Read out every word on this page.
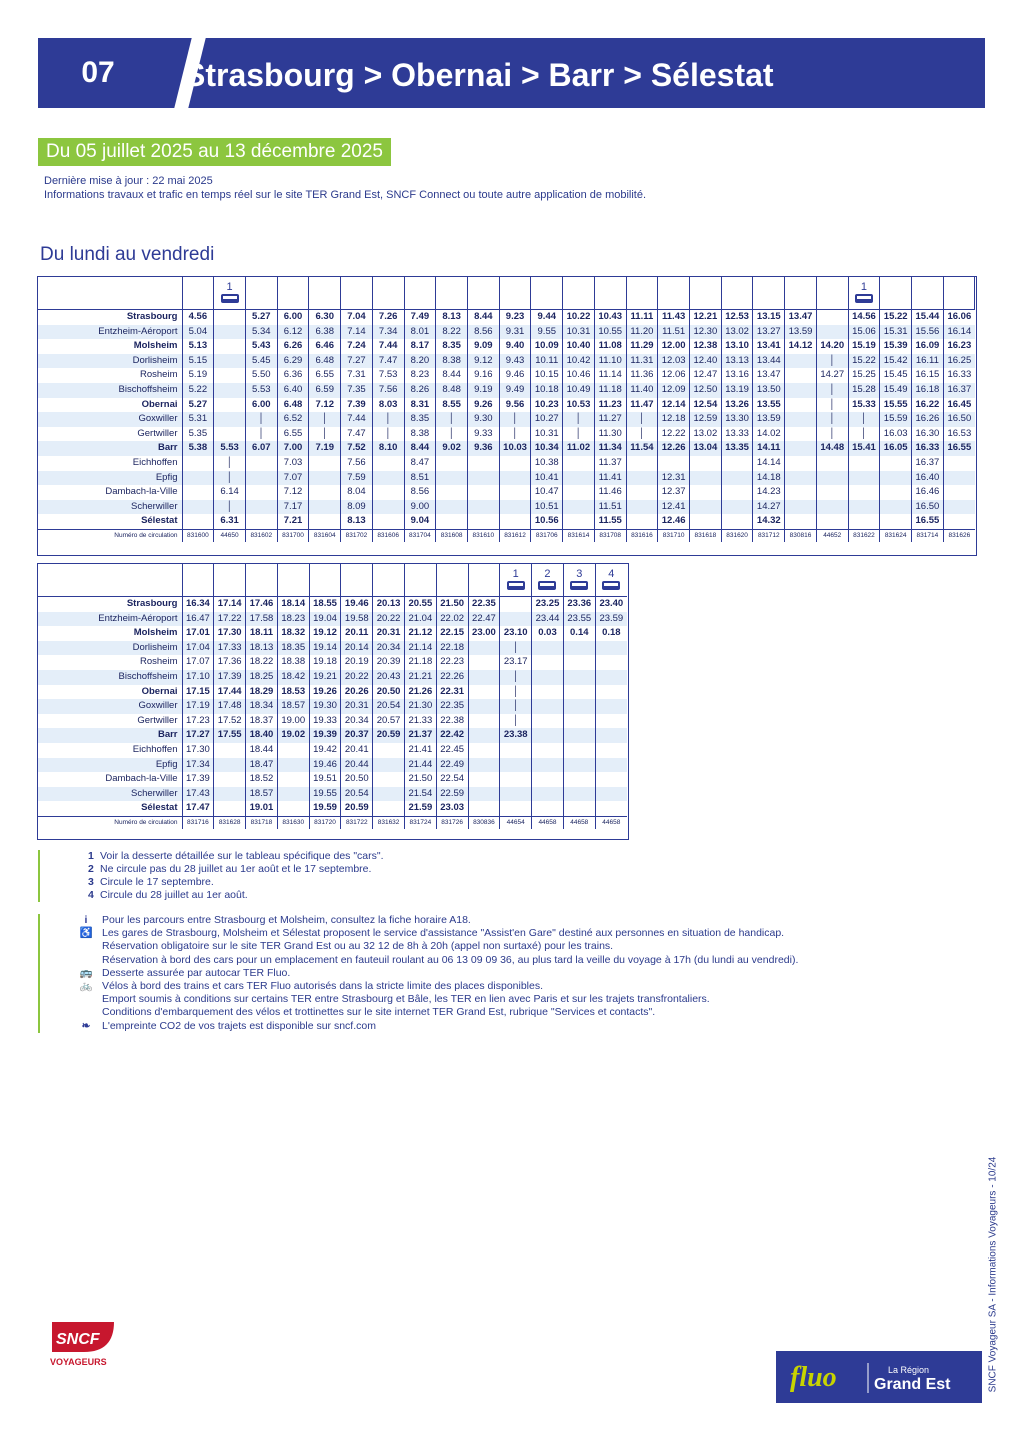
07	Strasbourg > Obernai > Barr > Sélestat
Du 05 juillet 2025 au 13 décembre 2025
Dernière mise à jour : 22 mai 2025
Informations travaux et trafic en temps réel sur le site TER Grand Est, SNCF Connect ou toute autre application de mobilité.
Du lundi au vendredi

		1																				1				

Strasbourg	4.56		5.27	6.00	6.30	7.04	7.26	7.49	8.13	8.44	9.23	9.44	10.22	10.43	11.11	11.43	12.21	12.53	13.15	13.47		14.56	15.22	15.44	16.06	
Entzheim-Aéroport	5.04		5.34	6.12	6.38	7.14	7.34	8.01	8.22	8.56	9.31	9.55	10.31	10.55	11.20	11.51	12.30	13.02	13.27	13.59		15.06	15.31	15.56	16.14	
Molsheim	5.13		5.43	6.26	6.46	7.24	7.44	8.17	8.35	9.09	9.40	10.09	10.40	11.08	11.29	12.00	12.38	13.10	13.41	14.12	14.20	15.19	15.39	16.09	16.23	
Dorlisheim	5.15		5.45	6.29	6.48	7.27	7.47	8.20	8.38	9.12	9.43	10.11	10.42	11.10	11.31	12.03	12.40	13.13	13.44		│	15.22	15.42	16.11	16.25	
Rosheim	5.19		5.50	6.36	6.55	7.31	7.53	8.23	8.44	9.16	9.46	10.15	10.46	11.14	11.36	12.06	12.47	13.16	13.47		14.27	15.25	15.45	16.15	16.33	
Bischoffsheim	5.22		5.53	6.40	6.59	7.35	7.56	8.26	8.48	9.19	9.49	10.18	10.49	11.18	11.40	12.09	12.50	13.19	13.50		│	15.28	15.49	16.18	16.37	
Obernai	5.27		6.00	6.48	7.12	7.39	8.03	8.31	8.55	9.26	9.56	10.23	10.53	11.23	11.47	12.14	12.54	13.26	13.55		│	15.33	15.55	16.22	16.45	
Goxwiller	5.31		│	6.52	│	7.44	│	8.35	│	9.30	│	10.27	│	11.27	│	12.18	12.59	13.30	13.59		│	│	15.59	16.26	16.50	
Gertwiller	5.35		│	6.55	│	7.47	│	8.38	│	9.33	│	10.31	│	11.30	│	12.22	13.02	13.33	14.02		│	│	16.03	16.30	16.53	
Barr	5.38	5.53	6.07	7.00	7.19	7.52	8.10	8.44	9.02	9.36	10.03	10.34	11.02	11.34	11.54	12.26	13.04	13.35	14.11		14.48	15.41	16.05	16.33	16.55	
Eichhoffen		│		7.03		7.56		8.47				10.38		11.37					14.14					16.37		
Epfig		│		7.07		7.59		8.51				10.41		11.41		12.31			14.18					16.40		
Dambach-la-Ville		6.14		7.12		8.04		8.56				10.47		11.46		12.37			14.23					16.46		
Scherwiller		│		7.17		8.09		9.00				10.51		11.51		12.41			14.27					16.50		
Sélestat		6.31		7.21		8.13		9.04				10.56		11.55		12.46			14.32					16.55		
Numéro de circulation	831600	44650	831602	831700	831604	831702	831606	831704	831608	831610	831612	831706	831614	831708	831616	831710	831618	831620	831712	830816	44652	831622	831624	831714	831626	

											1	2	3	4

Strasbourg	16.34	17.14	17.46	18.14	18.55	19.46	20.13	20.55	21.50	22.35		23.25	23.36	23.40
Entzheim-Aéroport	16.47	17.22	17.58	18.23	19.04	19.58	20.22	21.04	22.02	22.47		23.44	23.55	23.59
Molsheim	17.01	17.30	18.11	18.32	19.12	20.11	20.31	21.12	22.15	23.00	23.10	0.03	0.14	0.18
Dorlisheim	17.04	17.33	18.13	18.35	19.14	20.14	20.34	21.14	22.18		│			
Rosheim	17.07	17.36	18.22	18.38	19.18	20.19	20.39	21.18	22.23		23.17			
Bischoffsheim	17.10	17.39	18.25	18.42	19.21	20.22	20.43	21.21	22.26		│			
Obernai	17.15	17.44	18.29	18.53	19.26	20.26	20.50	21.26	22.31		│			
Goxwiller	17.19	17.48	18.34	18.57	19.30	20.31	20.54	21.30	22.35		│			
Gertwiller	17.23	17.52	18.37	19.00	19.33	20.34	20.57	21.33	22.38		│			
Barr	17.27	17.55	18.40	19.02	19.39	20.37	20.59	21.37	22.42		23.38			
Eichhoffen	17.30		18.44		19.42	20.41		21.41	22.45					
Epfig	17.34		18.47		19.46	20.44		21.44	22.49					
Dambach-la-Ville	17.39		18.52		19.51	20.50		21.50	22.54					
Scherwiller	17.43		18.57		19.55	20.54		21.54	22.59					
Sélestat	17.47		19.01		19.59	20.59		21.59	23.03					
Numéro de circulation	831716	831628	831718	831630	831720	831722	831632	831724	831726	830836	44654	44658	44658	44658
1 Voir la desserte détaillée sur le tableau spécifique des "cars".
2 Ne circule pas du 28 juillet au 1er août et le 17 septembre.
3 Circule le 17 septembre.
4 Circule du 28 juillet au 1er août.
i	Pour les parcours entre Strasbourg et Molsheim, consultez la fiche horaire A18.
♿ Les gares de Strasbourg, Molsheim et Sélestat proposent le service d'assistance "Assist'en Gare" destiné aux personnes en situation de handicap.
Réservation obligatoire sur le site TER Grand Est ou au 32 12 de 8h à 20h (appel non surtaxé) pour les trains.
Réservation à bord des cars pour un emplacement en fauteuil roulant au 06 13 09 09 36, au plus tard la veille du voyage à 17h (du lundi au vendredi).
🚌 Desserte assurée par autocar TER Fluo.
🚲 Vélos à bord des trains et cars TER Fluo autorisés dans la stricte limite des places disponibles.
Emport soumis à conditions sur certains TER entre Strasbourg et Bâle, les TER en lien avec Paris et sur les trajets transfrontaliers.
Conditions d'embarquement des vélos et trottinettes sur le site internet TER Grand Est, rubrique "Services et contacts".
❧	L'empreinte CO2 de vos trajets est disponible sur sncf.com
SNCF Voyageur SA - Informations Voyageurs - 10/24
SNCF
VOYAGEURS	fluo	La Région
Grand Est
